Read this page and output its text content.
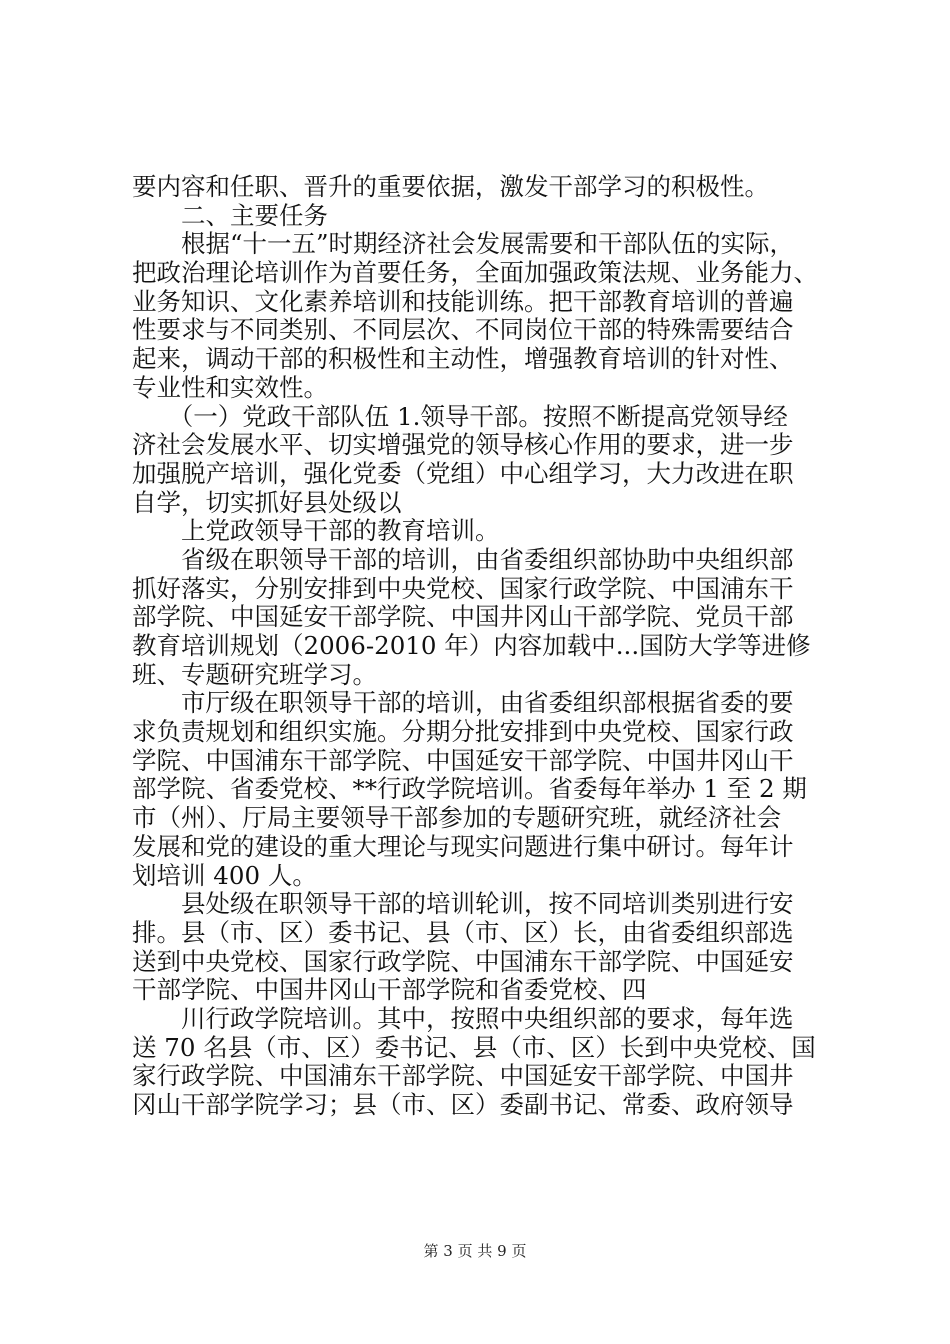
要内容和任职、晋升的重要依据，激发干部学习的积极性。
　　二、主要任务
　　根据“十一五”时期经济社会发展需要和干部队伍的实际，
把政治理论培训作为首要任务，全面加强政策法规、业务能力、
业务知识、文化素养培训和技能训练。把干部教育培训的普遍
性要求与不同类别、不同层次、不同岗位干部的特殊需要结合
起来，调动干部的积极性和主动性，增强教育培训的针对性、
专业性和实效性。
　　（一）党政干部队伍 1.领导干部。按照不断提高党领导经
济社会发展水平、切实增强党的领导核心作用的要求，进一步
加强脱产培训，强化党委（党组）中心组学习，大力改进在职
自学，切实抓好县处级以
　　上党政领导干部的教育培训。
　　省级在职领导干部的培训，由省委组织部协助中央组织部
抓好落实，分别安排到中央党校、国家行政学院、中国浦东干
部学院、中国延安干部学院、中国井冈山干部学院、党员干部
教育培训规划（2006-2010 年）内容加载中...国防大学等进修
班、专题研究班学习。
　　市厅级在职领导干部的培训，由省委组织部根据省委的要
求负责规划和组织实施。分期分批安排到中央党校、国家行政
学院、中国浦东干部学院、中国延安干部学院、中国井冈山干
部学院、省委党校、**行政学院培训。省委每年举办 1 至 2 期
市（州）、厅局主要领导干部参加的专题研究班，就经济社会
发展和党的建设的重大理论与现实问题进行集中研讨。每年计
划培训 400 人。
　　县处级在职领导干部的培训轮训，按不同培训类别进行安
排。县（市、区）委书记、县（市、区）长，由省委组织部选
送到中央党校、国家行政学院、中国浦东干部学院、中国延安
干部学院、中国井冈山干部学院和省委党校、四
　　川行政学院培训。其中，按照中央组织部的要求，每年选
送 70 名县（市、区）委书记、县（市、区）长到中央党校、国
家行政学院、中国浦东干部学院、中国延安干部学院、中国井
冈山干部学院学习；县（市、区）委副书记、常委、政府领导
第 3 页 共 9 页
